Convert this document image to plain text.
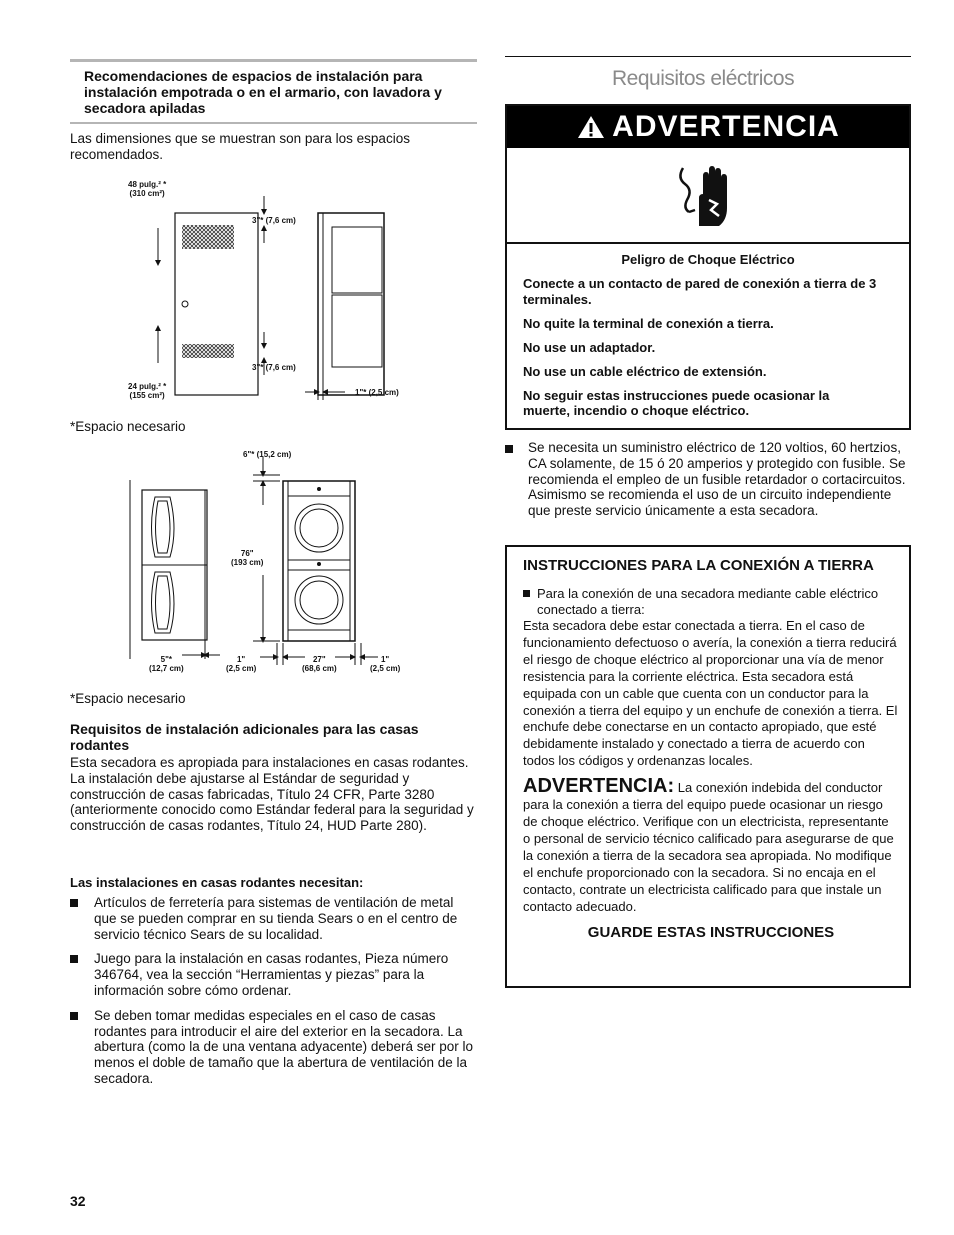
Recomendaciones de espacios de instalación para instalación empotrada o en el armario, con lavadora y secadora apiladas

Las dimensiones que se muestran son para los espacios recomendados.

48 pulg.² *
(310 cm²)
24 pulg.² *
(155 cm²)
3"* (7,6 cm)
3"* (7,6 cm)
1"* (2,5 cm)

*Espacio necesario

6"* (15,2 cm)
76"
(193 cm)
5"*
(12,7 cm)
1"
(2,5 cm)
27"
(68,6 cm)
1"
(2,5 cm)

*Espacio necesario

Requisitos de instalación adicionales para las casas rodantes

Esta secadora es apropiada para instalaciones en casas rodantes. La instalación debe ajustarse al Estándar de seguridad y construcción de casas fabricadas, Título 24 CFR, Parte 3280 (anteriormente conocido como Estándar federal para la seguridad y construcción de casas rodantes, Título 24, HUD Parte 280).

Las instalaciones en casas rodantes necesitan:

Artículos de ferretería para sistemas de ventilación de metal que se pueden comprar en su tienda Sears o en el centro de servicio técnico Sears de su localidad.
Juego para la instalación en casas rodantes, Pieza número 346764, vea la sección “Herramientas y piezas” para la información sobre cómo ordenar.
Se deben tomar medidas especiales en el caso de casas rodantes para introducir el aire del exterior en la secadora. La abertura (como la de una ventana adyacente) deberá ser por lo menos el doble de tamaño que la abertura de ventilación de la secadora.

Requisitos eléctricos

ADVERTENCIA

Peligro de Choque Eléctrico

Conecte a un contacto de pared de conexión a tierra de 3 terminales.

No quite la terminal de conexión a tierra.

No use un adaptador.

No use un cable eléctrico de extensión.

No seguir estas instrucciones puede ocasionar la muerte, incendio o choque eléctrico.

Se necesita un suministro eléctrico de 120 voltios, 60 hertzios, CA solamente, de 15 ó 20 amperios y protegido con fusible. Se recomienda el empleo de un fusible retardador o cortacircuitos. Asimismo se recomienda el uso de un circuito independiente que preste servicio únicamente a esta secadora.

INSTRUCCIONES PARA LA CONEXIÓN A TIERRA

Para la conexión de una secadora mediante cable eléctrico conectado a tierra:

Esta secadora debe estar conectada a tierra. En el caso de funcionamiento defectuoso o avería, la conexión a tierra reducirá el riesgo de choque eléctrico al proporcionar una vía de menor resistencia para la corriente eléctrica. Esta secadora está equipada con un cable que cuenta con un conductor para la conexión a tierra del equipo y un enchufe de conexión a tierra. El enchufe debe conectarse en un contacto apropiado, que esté debidamente instalado y conectado a tierra de acuerdo con todos los códigos y ordenanzas locales.

ADVERTENCIA: La conexión indebida del conductor para la conexión a tierra del equipo puede ocasionar un riesgo de choque eléctrico. Verifique con un electricista, representante o personal de servicio técnico calificado para asegurarse de que la conexión a tierra de la secadora sea apropiada. No modifique el enchufe proporcionado con la secadora. Si no encaja en el contacto, contrate un electricista calificado para que instale un contacto adecuado.

GUARDE ESTAS INSTRUCCIONES

32
